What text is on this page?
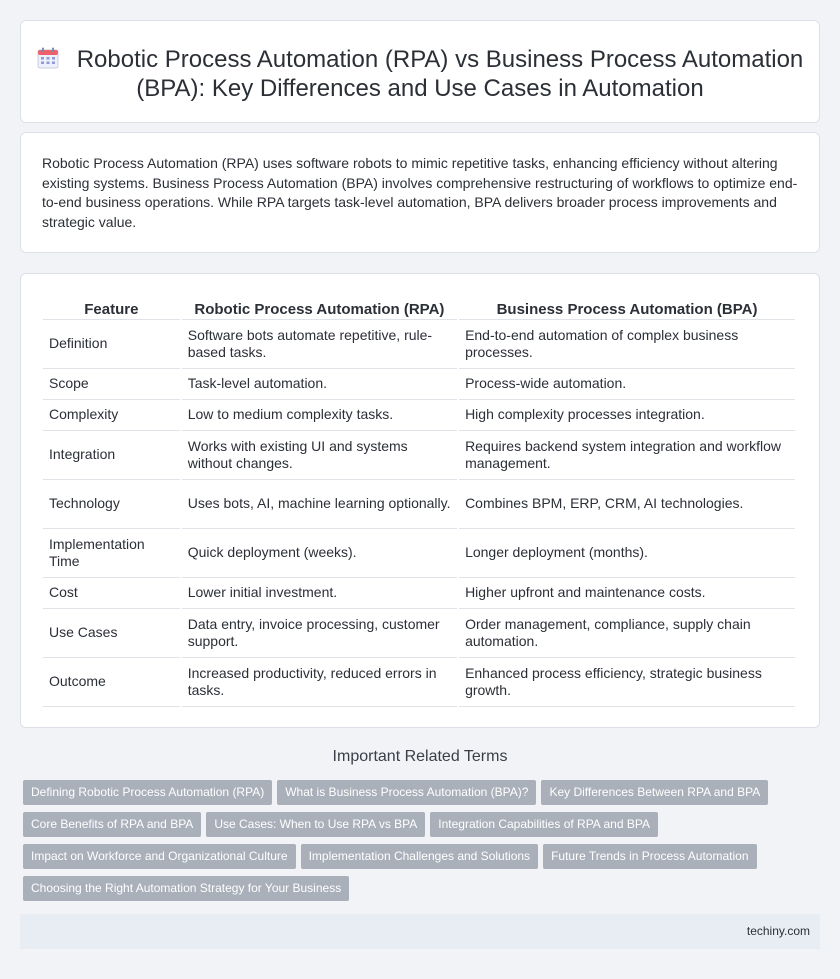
Robotic Process Automation (RPA) vs Business Process Automation (BPA): Key Differences and Use Cases in Automation

Robotic Process Automation (RPA) uses software robots to mimic repetitive tasks, enhancing efficiency without altering existing systems. Business Process Automation (BPA) involves comprehensive restructuring of workflows to optimize end-to-end business operations. While RPA targets task-level automation, BPA delivers broader process improvements and strategic value.

Feature	Robotic Process Automation (RPA)	Business Process Automation (BPA)
Definition	Software bots automate repetitive, rule-based tasks.	End-to-end automation of complex business processes.
Scope	Task-level automation.	Process-wide automation.
Complexity	Low to medium complexity tasks.	High complexity processes integration.
Integration	Works with existing UI and systems without changes.	Requires backend system integration and workflow management.
Technology	Uses bots, AI, machine learning optionally.	Combines BPM, ERP, CRM, AI technologies.
Implementation Time	Quick deployment (weeks).	Longer deployment (months).
Cost	Lower initial investment.	Higher upfront and maintenance costs.
Use Cases	Data entry, invoice processing, customer support.	Order management, compliance, supply chain automation.
Outcome	Increased productivity, reduced errors in tasks.	Enhanced process efficiency, strategic business growth.
Important Related Terms
Defining Robotic Process Automation (RPA) What is Business Process Automation (BPA)? Key Differences Between RPA and BPA
Core Benefits of RPA and BPA Use Cases: When to Use RPA vs BPA Integration Capabilities of RPA and BPA
Impact on Workforce and Organizational Culture Implementation Challenges and Solutions Future Trends in Process Automation
Choosing the Right Automation Strategy for Your Business
techiny.com
